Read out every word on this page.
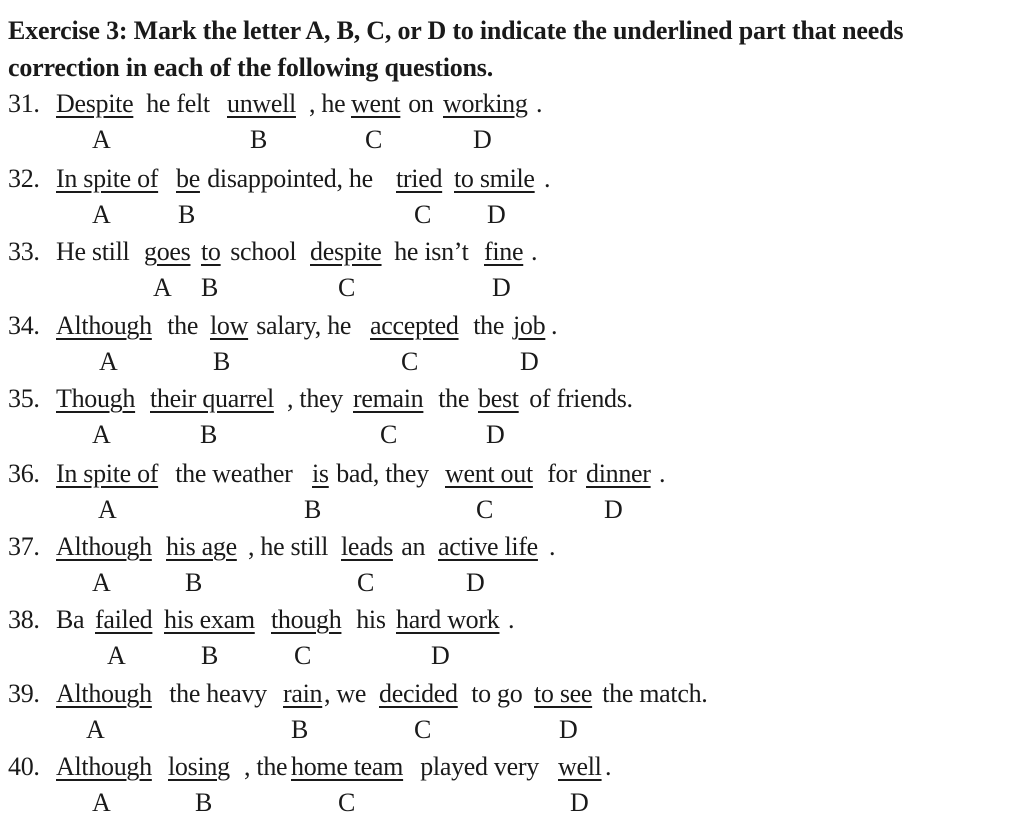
Exercise 3: Mark the letter A, B, C, or D to indicate the underlined part that needs correction in each of the following questions.
31. Despite he felt unwell , he went on working .
A	B	C	D
32. In spite of
be disappointed, he tried
to smile .
A	B	C D
33. He still goes
to school despite he isn’t fine .
A B	C	D
34. Although the low salary, he accepted the job .
A	B	C	D
35. Though
their quarrel , they remain the best of friends.
A	B	C	D
36. In spite of the weather is bad, they went out for dinner .
A	B	C	D
37. Although
his age , he still leads an active life .
A	B	C	D
38. Ba failed
his exam
though his hard work .
A	B	C	D
39. Although the heavy rain , we decided to go to see the match.
A	B	C	D
40. Although
losing , the
home team played very well .
A	B	C	D
